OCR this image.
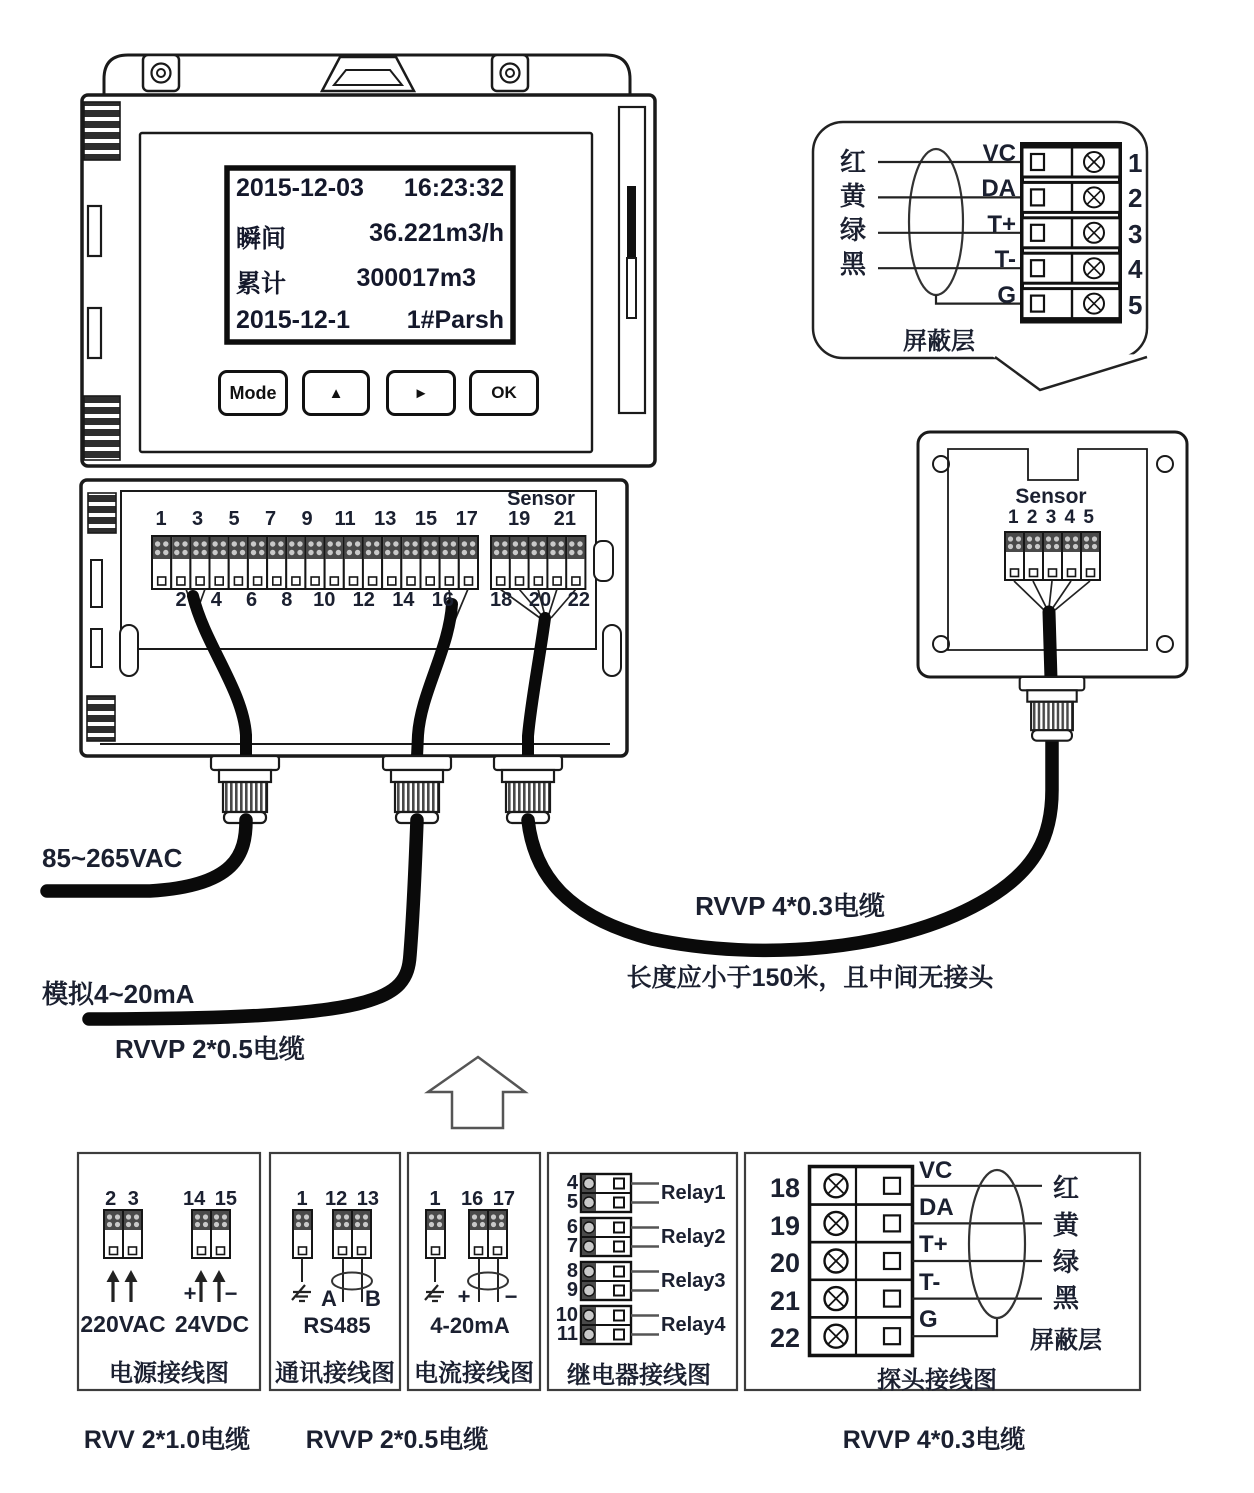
2015-12-03 16:23:32
瞬间	36.221m3/h
累计	300017m3
2015-12-1 1#Parsh
Mode	▲	►	OK
Sensor
1 3 5 7 9 11 13 15 17
2 4 6 8 10 12 14 16
19 21
18 20 22
红
黄
绿
黑
VC
DA
T+
T-
G
1
2
3
4
5
屏蔽层
Sensor
1 2 3 4 5
85~265VAC
模拟4~20mA
RVVP 2*0.5电缆
RVVP 4*0.3电缆
长度应小于150米，且中间无接头
2 3 14 15
+ −
220VAC 24VDC
电源接线图
1 12 13
A B
RS485
通讯接线图
1 16 17
+ −
4-20mA
电流接线图
4
5
6
7
8
9
10
11
Relay1
Relay2
Relay3
Relay4
继电器接线图
18
19
20
21
22
VC
DA
T+
T-
G
红
黄
绿
黑
屏蔽层
探头接线图
RVV 2*1.0电缆 RVVP 2*0.5电缆	RVVP 4*0.3电缆
